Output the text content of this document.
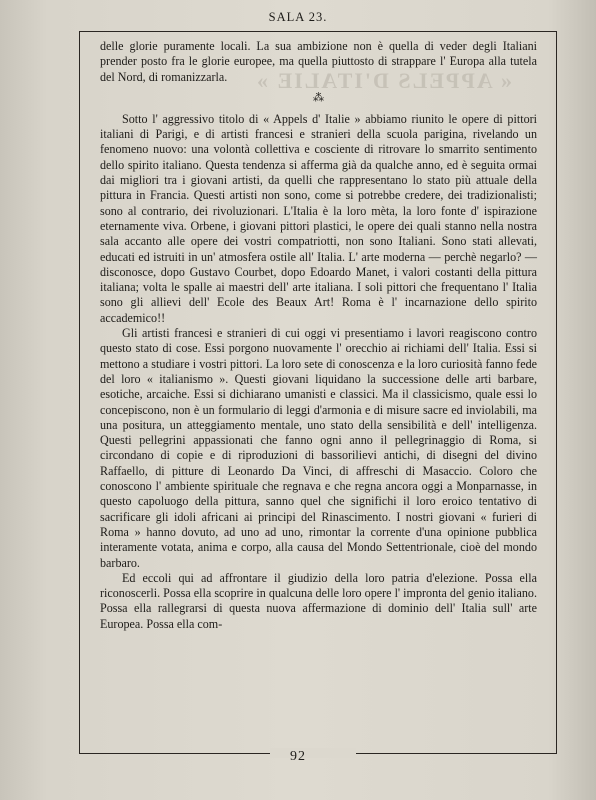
« APPELS D'ITALIE »
SALA 23.
92

delle glorie puramente locali. La sua ambizione non è quella di veder degli Italiani prender posto fra le glorie europee, ma quella piuttosto di strappare l' Europa alla tutela del Nord, di romanizzarla.

⁂

Sotto l' aggressivo titolo di « Appels d' Italie » abbiamo riunito le opere di pittori italiani di Parigi, e di artisti francesi e stranieri della scuola parigina, rivelando un fenomeno nuovo: una volontà collettiva e cosciente di ritrovare lo smarrito sentimento dello spirito italiano. Questa tendenza si afferma già da qualche anno, ed è seguita ormai dai migliori tra i giovani artisti, da quelli che rappresentano lo stato più attuale della pittura in Francia. Questi artisti non sono, come si potrebbe credere, dei tradizionalisti; sono al contrario, dei rivoluzionari. L'Italia è la loro mèta, la loro fonte d' ispirazione eternamente viva. Orbene, i giovani pittori plastici, le opere dei quali stanno nella nostra sala accanto alle opere dei vostri compatriotti, non sono Italiani. Sono stati allevati, educati ed istruiti in un' atmosfera ostile all' Italia. L' arte moderna — perchè negarlo? — disconosce, dopo Gustavo Courbet, dopo Edoardo Manet, i valori costanti della pittura italiana; volta le spalle ai maestri dell' arte italiana. I soli pittori che frequentano l' Italia sono gli allievi dell' Ecole des Beaux Art! Roma è l' incarnazione dello spirito accademico!!

Gli artisti francesi e stranieri di cui oggi vi presentiamo i lavori reagiscono contro questo stato di cose. Essi porgono nuovamente l' orecchio ai richiami dell' Italia. Essi si mettono a studiare i vostri pittori. La loro sete di conoscenza e la loro curiosità fanno fede del loro « italianismo ». Questi giovani liquidano la successione delle arti barbare, esotiche, arcaiche. Essi si dichiarano umanisti e classici. Ma il classicismo, quale essi lo concepiscono, non è un formulario di leggi d'armonia e di misure sacre ed inviolabili, ma una positura, un atteggiamento mentale, uno stato della sensibilità e dell' intelligenza. Questi pellegrini appassionati che fanno ogni anno il pellegrinaggio di Roma, si circondano di copie e di riproduzioni di bassorilievi antichi, di disegni del divino Raffaello, di pitture di Leonardo Da Vinci, di affreschi di Masaccio. Coloro che conoscono l' ambiente spirituale che regnava e che regna ancora oggi a Monparnasse, in questo capoluogo della pittura, sanno quel che significhi il loro eroico tentativo di sacrificare gli idoli africani ai principi del Rinascimento. I nostri giovani « furieri di Roma » hanno dovuto, ad uno ad uno, rimontar la corrente d'una opinione pubblica interamente votata, anima e corpo, alla causa del Mondo Settentrionale, cioè del mondo barbaro.

Ed eccoli qui ad affrontare il giudizio della loro patria d'elezione. Possa ella riconoscerli. Possa ella scoprire in qualcuna delle loro opere l' impronta del genio italiano. Possa ella rallegrarsi di questa nuova affermazione di dominio dell' Italia sull' arte Europea. Possa ella com-
